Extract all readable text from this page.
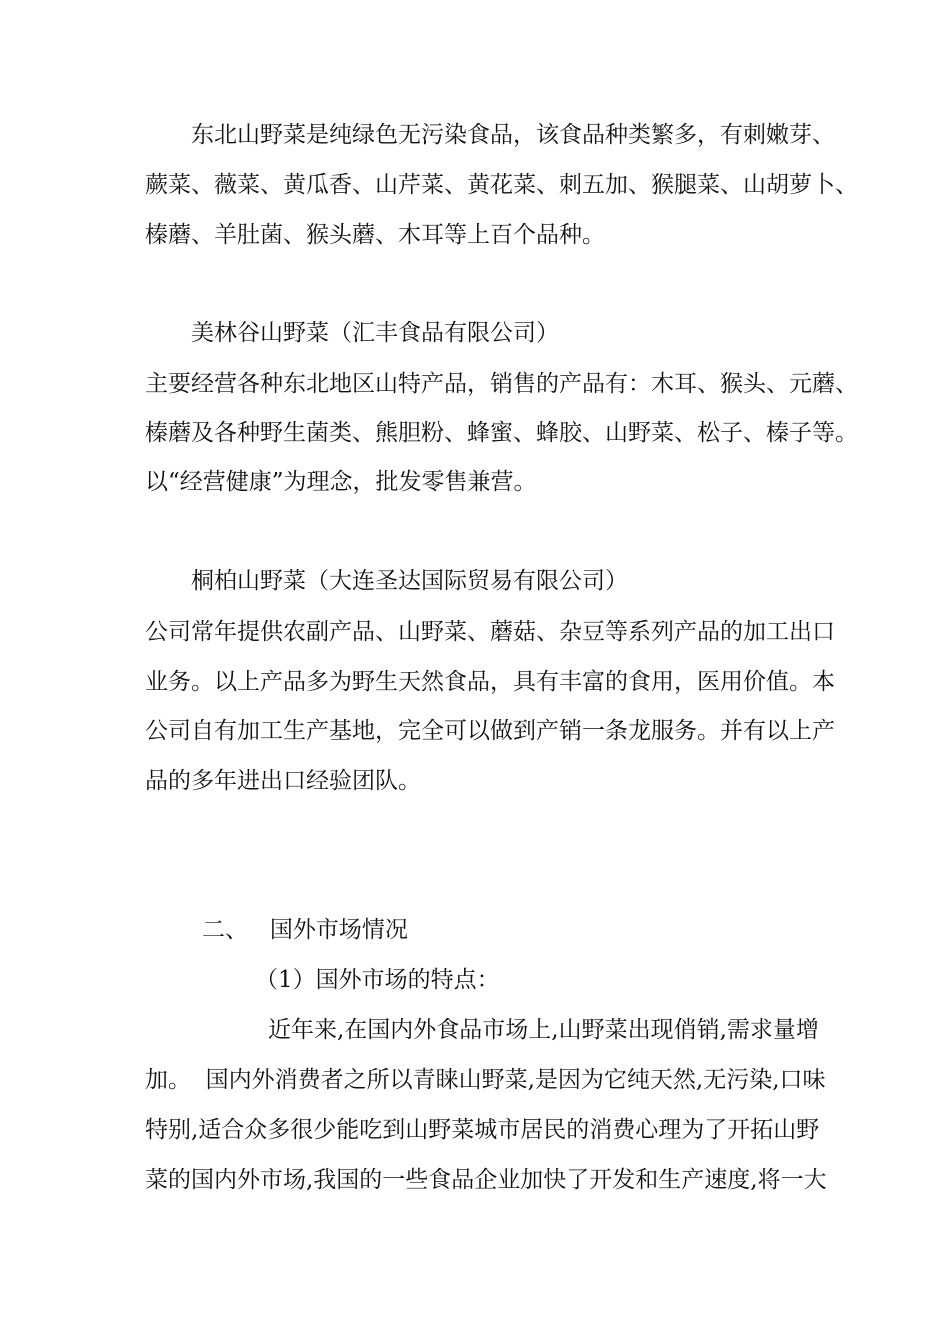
东北山野菜是纯绿色无污染食品，该食品种类繁多，有刺嫩芽、
蕨菜、薇菜、黄瓜香、山芹菜、黄花菜、刺五加、猴腿菜、山胡萝卜、
榛蘑、羊肚菌、猴头蘑、木耳等上百个品种。
美林谷山野菜（汇丰食品有限公司）
主要经营各种东北地区山特产品，销售的产品有：木耳、猴头、元蘑、
榛蘑及各种野生菌类、熊胆粉、蜂蜜、蜂胶、山野菜、松子、榛子等。
以“经营健康”为理念，批发零售兼营。
桐柏山野菜（大连圣达国际贸易有限公司）
公司常年提供农副产品、山野菜、蘑菇、杂豆等系列产品的加工出口
业务。以上产品多为野生天然食品，具有丰富的食用，医用价值。本
公司自有加工生产基地，完全可以做到产销一条龙服务。并有以上产
品的多年进出口经验团队。
二、   国外市场情况
（1）国外市场的特点：
近年来,在国内外食品市场上,山野菜出现俏销,需求量增
加。  国内外消费者之所以青睐山野菜,是因为它纯天然,无污染,口味
特别,适合众多很少能吃到山野菜城市居民的消费心理为了开拓山野
菜的国内外市场,我国的一些食品企业加快了开发和生产速度,将一大
